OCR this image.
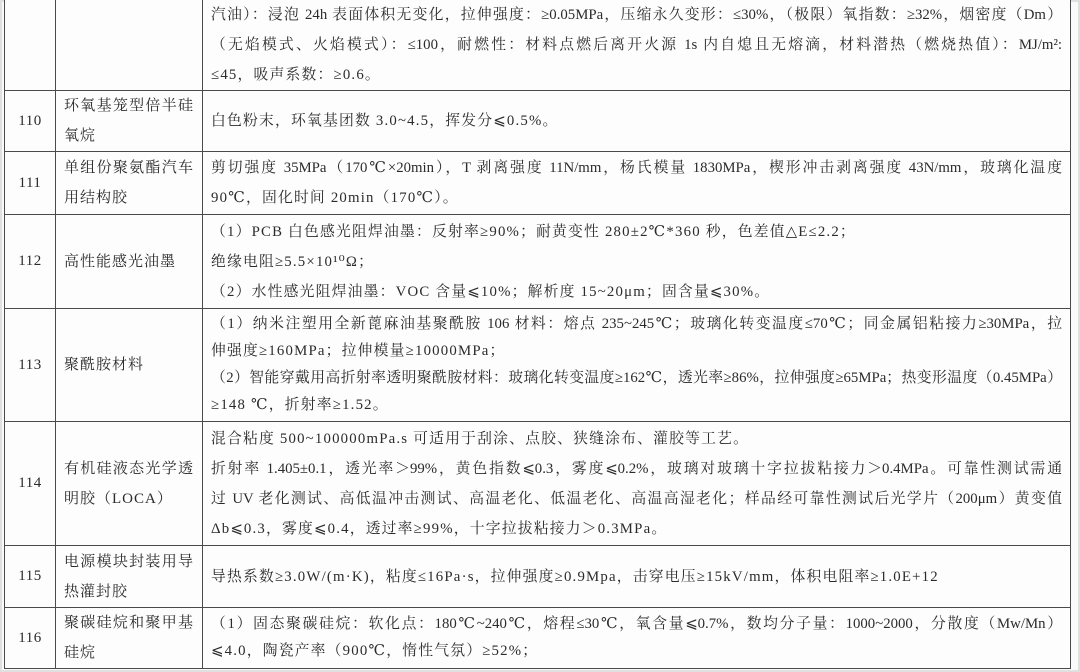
		汽油）：浸泡 24h 表面体积无变化，拉伸强度：≥0.05MPa，压缩永久变形：≤30%，（极限）氧指数：≥32%，烟密度（Dm）
（无焰模式、火焰模式）：≤100，耐燃性：材料点燃后离开火源 1s 内自熄且无熔滴，材料潜热（燃烧热值）：MJ/m²:
≤45，吸声系数：≥0.6。

110	环氧基笼型倍半硅氧烷	白色粉末，环氧基团数 3.0~4.5，挥发分⩽0.5%。

111	单组份聚氨酯汽车用结构胶	剪切强度 35MPa（170℃×20min），T 剥离强度 11N/mm，杨氏模量 1830MPa，楔形冲击剥离强度 43N/mm，玻璃化温度
90℃，固化时间 20min（170℃）。

112	高性能感光油墨	（1）PCB 白色感光阻焊油墨：反射率≥90%；耐黄变性 280±2℃*360 秒，色差值△E≤2.2；
绝缘电阻≥5.5×10¹⁰Ω；
（2）水性感光阻焊油墨：VOC 含量⩽10%；解析度 15~20μm；固含量⩽30%。

113	聚酰胺材料	（1）纳米注塑用全新蓖麻油基聚酰胺 106 材料：熔点 235~245℃；玻璃化转变温度≤70℃；同金属铝粘接力≥30MPa，拉
伸强度≥160MPa；拉伸模量≥10000MPa；
（2）智能穿戴用高折射率透明聚酰胺材料：玻璃化转变温度≥162℃，透光率≥86%，拉伸强度≥65MPa；热变形温度（0.45MPa）
≥148 ℃，折射率≥1.52。

114	有机硅液态光学透明胶（LOCA）	混合粘度 500~100000mPa.s 可适用于刮涂、点胶、狭缝涂布、灌胶等工艺。
折射率 1.405±0.1，透光率＞99%，黄色指数⩽0.3，雾度⩽0.2%，玻璃对玻璃十字拉拔粘接力＞0.4MPa。可靠性测试需通
过 UV 老化测试、高低温冲击测试、高温老化、低温老化、高温高湿老化；样品经可靠性测试后光学片（200μm）黄变值
Δb⩽0.3，雾度⩽0.4，透过率≥99%，十字拉拔粘接力＞0.3MPa。

115	电源模块封装用导热灌封胶	导热系数≥3.0W/(m·K)，粘度≤16Pa·s，拉伸强度≥0.9Mpa，击穿电压≥15kV/mm，体积电阻率≥1.0E+12

116	聚碳硅烷和聚甲基硅烷	（1）固态聚碳硅烷：软化点：180℃~240℃，熔程≤30℃，氧含量⩽0.7%，数均分子量：1000~2000，分散度（Mw/Mn）
⩽4.0，陶瓷产率（900℃，惰性气氛）≥52%；
